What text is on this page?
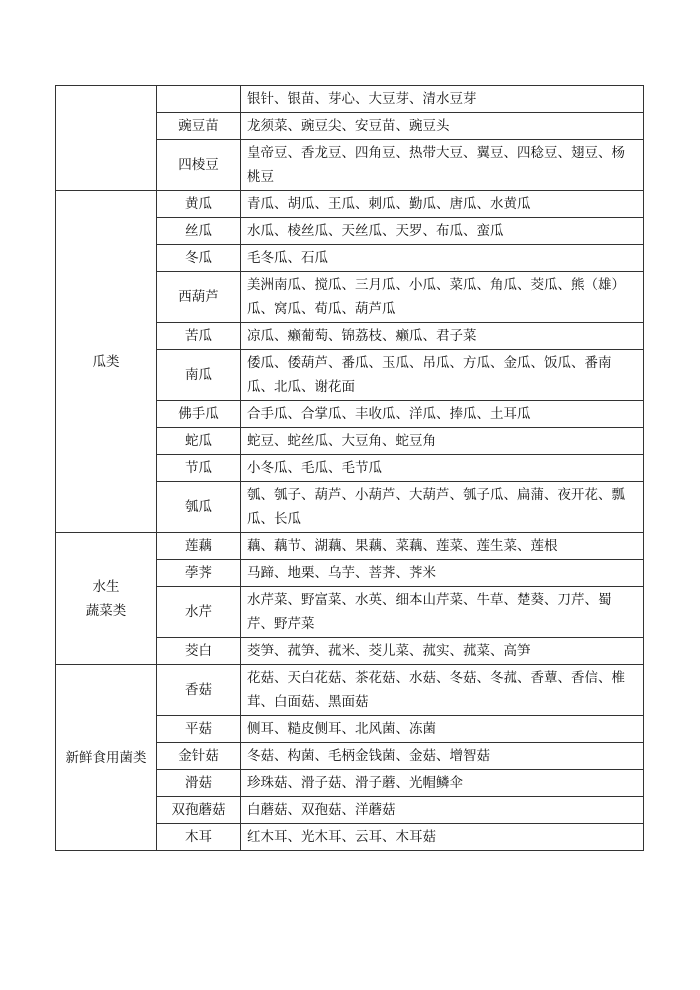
		银针、银苗、芽心、大豆芽、清水豆芽
	豌豆苗	龙须菜、豌豆尖、安豆苗、豌豆头
	四棱豆	皇帝豆、香龙豆、四角豆、热带大豆、翼豆、四稔豆、翅豆、杨桃豆

瓜类	黄瓜	青瓜、胡瓜、王瓜、刺瓜、勤瓜、唐瓜、水黄瓜
	丝瓜	水瓜、棱丝瓜、天丝瓜、天罗、布瓜、蛮瓜
	冬瓜	毛冬瓜、石瓜
	西葫芦	美洲南瓜、搅瓜、三月瓜、小瓜、菜瓜、角瓜、茭瓜、熊（雄）瓜、窝瓜、荀瓜、葫芦瓜
	苦瓜	凉瓜、癞葡萄、锦荔枝、癞瓜、君子菜
	南瓜	倭瓜、倭葫芦、番瓜、玉瓜、吊瓜、方瓜、金瓜、饭瓜、番南瓜、北瓜、谢花面
	佛手瓜	合手瓜、合掌瓜、丰收瓜、洋瓜、捧瓜、土耳瓜
	蛇瓜	蛇豆、蛇丝瓜、大豆角、蛇豆角
	节瓜	小冬瓜、毛瓜、毛节瓜
	瓠瓜	瓠、瓠子、葫芦、小葫芦、大葫芦、瓠子瓜、扁蒲、夜开花、瓢瓜、长瓜

水生
蔬菜类	莲藕	藕、藕节、湖藕、果藕、菜藕、莲菜、莲生菜、莲根
	荸荠	马蹄、地栗、乌芋、菩荠、荠米
	水芹	水芹菜、野富菜、水英、细本山芹菜、牛草、楚葵、刀芹、蜀芹、野芹菜
	茭白	茭笋、菰笋、菰米、茭儿菜、菰实、菰菜、高笋

新鲜食用菌类	香菇	花菇、天白花菇、茶花菇、水菇、冬菇、冬菰、香蕈、香信、椎茸、白面菇、黑面菇
	平菇	侧耳、糙皮侧耳、北风菌、冻菌
	金针菇	冬菇、构菌、毛柄金钱菌、金菇、增智菇
	滑菇	珍珠菇、滑子菇、滑子蘑、光帽鳞伞
	双孢蘑菇	白蘑菇、双孢菇、洋蘑菇
	木耳	红木耳、光木耳、云耳、木耳菇
